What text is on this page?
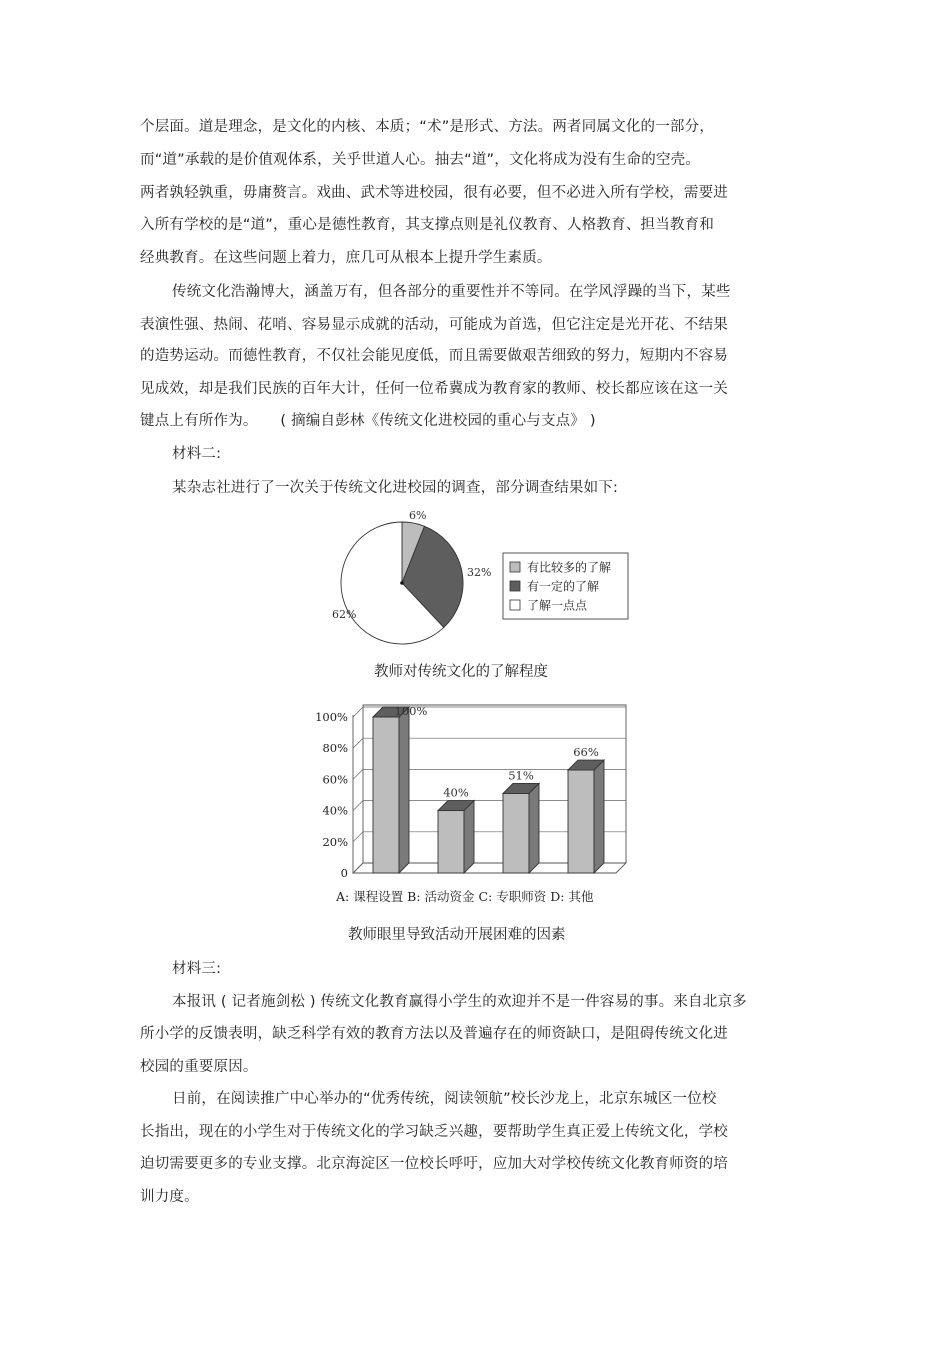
个层面。道是理念，是文化的内核、本质；“术”是形式、方法。两者同属文化的一部分，
而“道”承载的是价值观体系，关乎世道人心。抽去“道”，文化将成为没有生命的空壳。
两者孰轻孰重，毋庸赘言。戏曲、武术等进校园，很有必要，但不必进入所有学校，需要进
入所有学校的是“道”，重心是德性教育，其支撑点则是礼仪教育、人格教育、担当教育和
经典教育。在这些问题上着力，庶几可从根本上提升学生素质。
传统文化浩瀚博大，涵盖万有，但各部分的重要性并不等同。在学风浮躁的当下，某些
表演性强、热闹、花哨、容易显示成就的活动，可能成为首选，但它注定是光开花、不结果
的造势运动。而德性教育，不仅社会能见度低，而且需要做艰苦细致的努力，短期内不容易
见成效，却是我们民族的百年大计，任何一位希冀成为教育家的教师、校长都应该在这一关
键点上有所作为。 ( 摘编自彭林《传统文化进校园的重心与支点》 )
材料二:
某杂志社进行了一次关于传统文化进校园的调查，部分调查结果如下:
6%
32%
62%
有比较多的了解
有一定的了解
了解一点点
教师对传统文化的了解程度
0
20%
40%
60%
80%
100%	100%
40%
51%
66%
A: 课程设置 B: 活动资金 C: 专职师资 D: 其他
教师眼里导致活动开展困难的因素
材料三:
本报讯 ( 记者施剑松 ) 传统文化教育赢得小学生的欢迎并不是一件容易的事。来自北京多
所小学的反馈表明，缺乏科学有效的教育方法以及普遍存在的师资缺口，是阻碍传统文化进
校园的重要原因。
日前，在阅读推广中心举办的“优秀传统，阅读领航”校长沙龙上，北京东城区一位校
长指出，现在的小学生对于传统文化的学习缺乏兴趣，要帮助学生真正爱上传统文化，学校
迫切需要更多的专业支撑。北京海淀区一位校长呼吁，应加大对学校传统文化教育师资的培
训力度。
